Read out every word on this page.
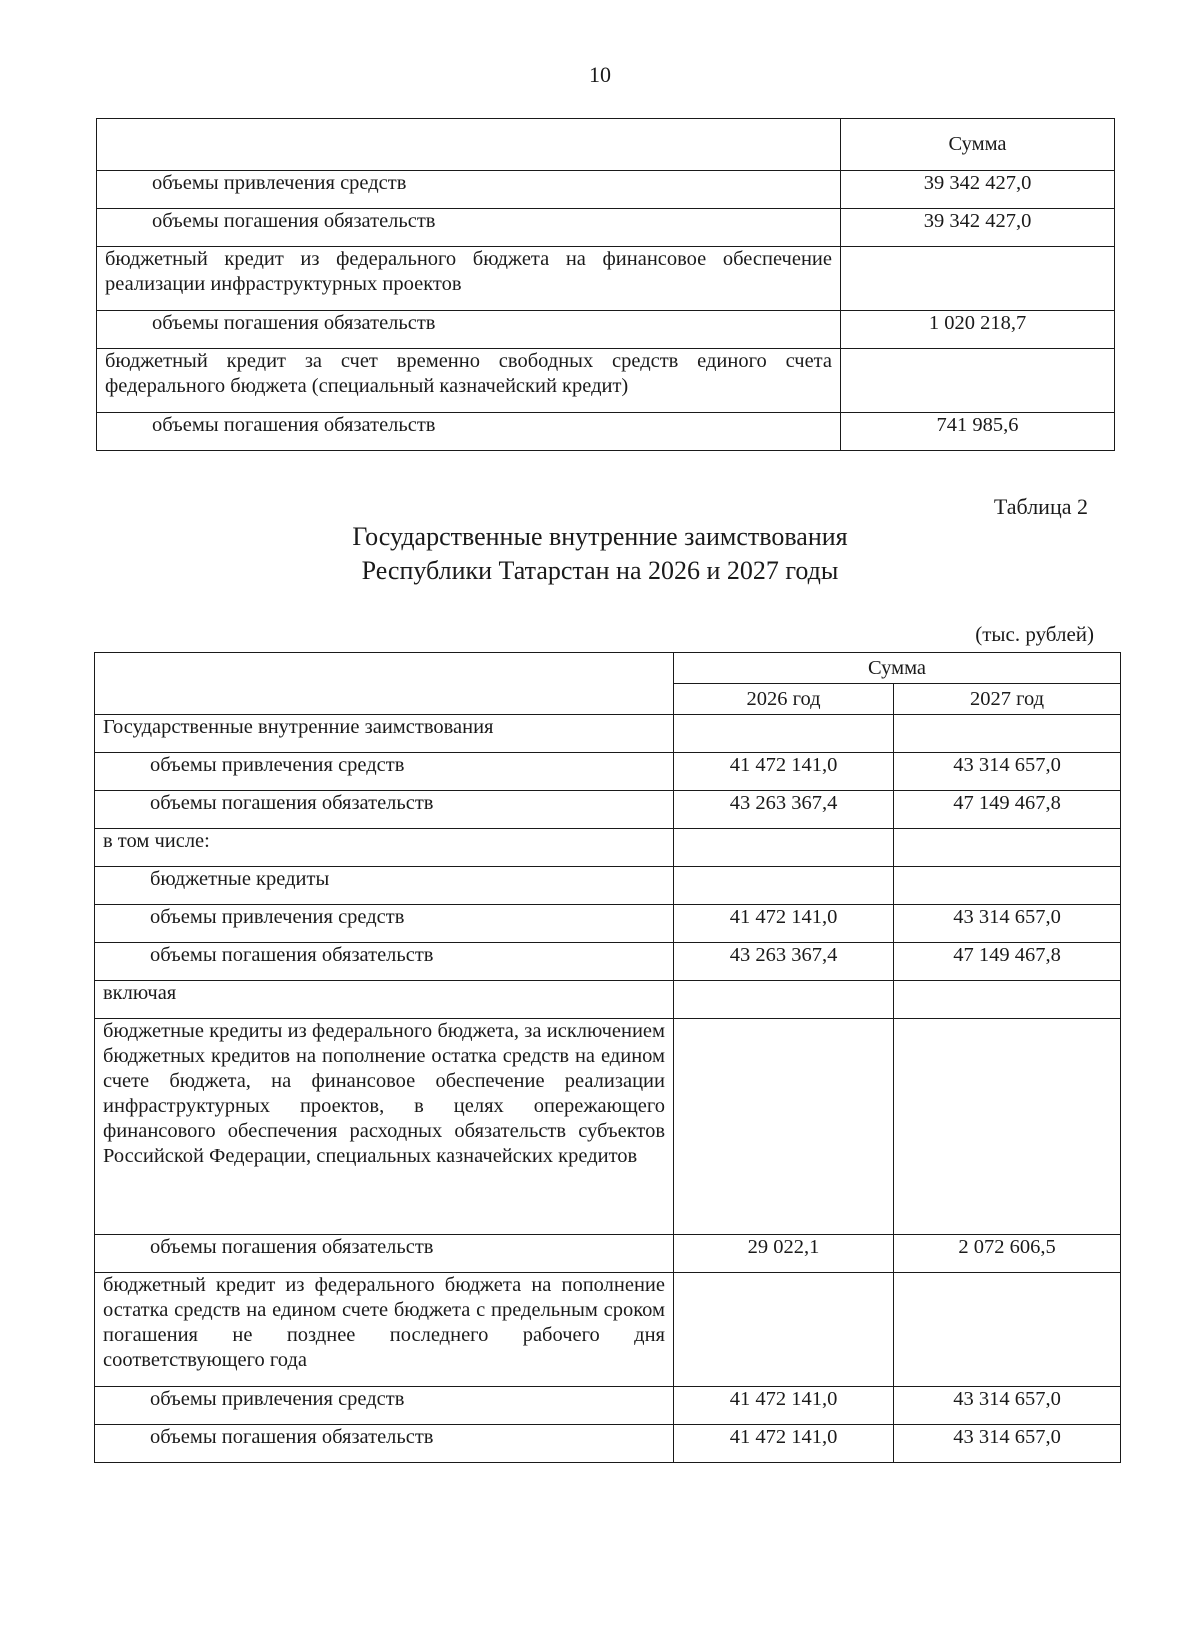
10
	Сумма
объемы привлечения средств	39 342 427,0
объемы погашения обязательств	39 342 427,0
бюджетный кредит из федерального бюджета на финансовое обеспечение реализации инфраструктурных проектов	
объемы погашения обязательств	1 020 218,7
бюджетный кредит за счет временно свободных средств единого счета федерального бюджета (специальный казначейский кредит)	
объемы погашения обязательств	741 985,6
Таблица 2
Государственные внутренние заимствования
Республики Татарстан на 2026 и 2027 годы
(тыс. рублей)
	Сумма	
	2026 год	2027 год
Государственные внутренние заимствования		
объемы привлечения средств	41 472 141,0	43 314 657,0
объемы погашения обязательств	43 263 367,4	47 149 467,8
в том числе:		
бюджетные кредиты		
объемы привлечения средств	41 472 141,0	43 314 657,0
объемы погашения обязательств	43 263 367,4	47 149 467,8
включая		
бюджетные кредиты из федерального бюджета, за исключением бюджетных кредитов на пополнение остатка средств на едином счете бюджета, на финансовое обеспечение реализации инфраструктурных проектов, в целях опережающего финансового обеспечения расходных обязательств субъектов Российской Федерации, специальных казначейских кредитов		
объемы погашения обязательств	29 022,1	2 072 606,5
бюджетный кредит из федерального бюджета на пополнение остатка средств на едином счете бюджета с предельным сроком погашения не позднее последнего рабочего дня соответствующего года		
объемы привлечения средств	41 472 141,0	43 314 657,0
объемы погашения обязательств	41 472 141,0	43 314 657,0
